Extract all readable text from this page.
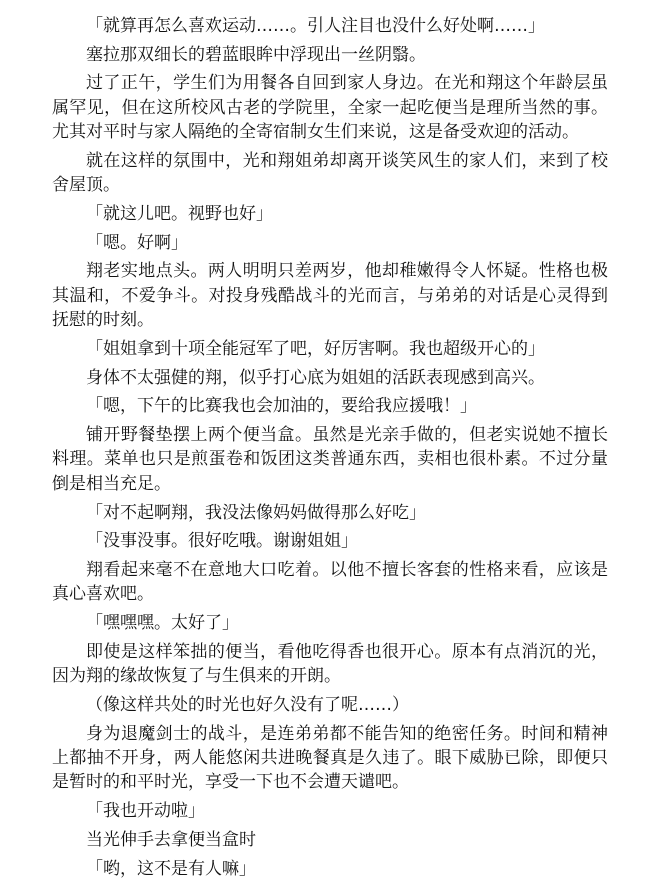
「就算再怎么喜欢运动……。引人注目也没什么好处啊……」

塞拉那双细长的碧蓝眼眸中浮现出一丝阴翳。

过了正午，学生们为用餐各自回到家人身边。在光和翔这个年龄层虽属罕见，但在这所校风古老的学院里，全家一起吃便当是理所当然的事。尤其对平时与家人隔绝的全寄宿制女生们来说，这是备受欢迎的活动。

就在这样的氛围中，光和翔姐弟却离开谈笑风生的家人们，来到了校舍屋顶。

「就这儿吧。视野也好」

「嗯。好啊」

翔老实地点头。两人明明只差两岁，他却稚嫩得令人怀疑。性格也极其温和，不爱争斗。对投身残酷战斗的光而言，与弟弟的对话是心灵得到抚慰的时刻。

「姐姐拿到十项全能冠军了吧，好厉害啊。我也超级开心的」

身体不太强健的翔，似乎打心底为姐姐的活跃表现感到高兴。

「嗯，下午的比赛我也会加油的，要给我应援哦！」

铺开野餐垫摆上两个便当盒。虽然是光亲手做的，但老实说她不擅长料理。菜单也只是煎蛋卷和饭团这类普通东西，卖相也很朴素。不过分量倒是相当充足。

「对不起啊翔，我没法像妈妈做得那么好吃」

「没事没事。很好吃哦。谢谢姐姐」

翔看起来毫不在意地大口吃着。以他不擅长客套的性格来看，应该是真心喜欢吧。

「嘿嘿嘿。太好了」

即使是这样笨拙的便当，看他吃得香也很开心。原本有点消沉的光，因为翔的缘故恢复了与生俱来的开朗。

（像这样共处的时光也好久没有了呢……）

身为退魔剑士的战斗，是连弟弟都不能告知的绝密任务。时间和精神上都抽不开身，两人能悠闲共进晚餐真是久违了。眼下威胁已除，即便只是暂时的和平时光，享受一下也不会遭天谴吧。

「我也开动啦」

当光伸手去拿便当盒时

「哟，这不是有人嘛」
